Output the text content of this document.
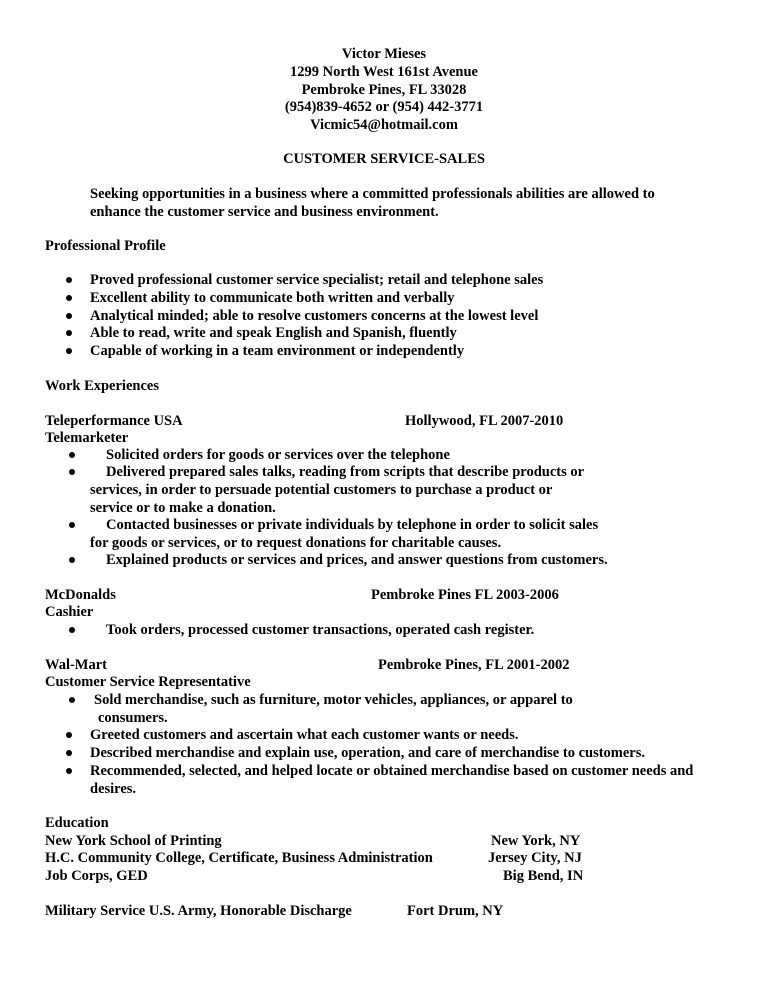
Victor Mieses
1299 North West 161st Avenue
Pembroke Pines, FL 33028
(954)839-4652 or (954) 442-3771
Vicmic54@hotmail.com
CUSTOMER SERVICE-SALES
Seeking opportunities in a business where a committed professionals abilities are allowed to
enhance the customer service and business environment.
Professional Profile
Proved professional customer service specialist; retail and telephone sales
Excellent ability to communicate both written and verbally
Analytical minded; able to resolve customers concerns at the lowest level
Able to read, write and speak English and Spanish, fluently
Capable of working in a team environment or independently
Work Experiences
Teleperformance USA	Hollywood, FL 2007-2010
Telemarketer
Solicited orders for goods or services over the telephone
Delivered prepared sales talks, reading from scripts that describe products or
services, in order to persuade potential customers to purchase a product or
service or to make a donation.
Contacted businesses or private individuals by telephone in order to solicit sales
for goods or services, or to request donations for charitable causes.
Explained products or services and prices, and answer questions from customers.
McDonalds	Pembroke Pines FL 2003-2006
Cashier
Took orders, processed customer transactions, operated cash register.
Wal-Mart	Pembroke Pines, FL 2001-2002
Customer Service Representative
Sold merchandise, such as furniture, motor vehicles, appliances, or apparel to
consumers.
Greeted customers and ascertain what each customer wants or needs.
Described merchandise and explain use, operation, and care of merchandise to customers.
Recommended, selected, and helped locate or obtained merchandise based on customer needs and
desires.
Education
New York School of Printing	New York, NY
H.C. Community College, Certificate, Business Administration	Jersey City, NJ
Job Corps, GED	Big Bend, IN
Military Service U.S. Army, Honorable Discharge	Fort Drum, NY
